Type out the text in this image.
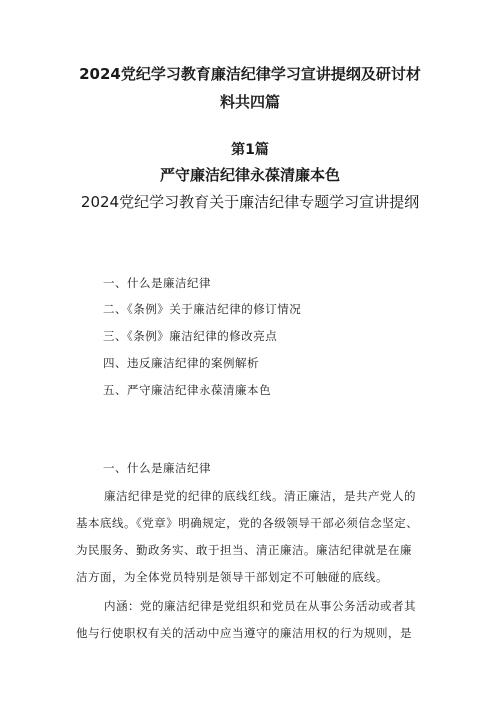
2024党纪学习教育廉洁纪律学习宣讲提纲及研讨材
料共四篇
第1篇
严守廉洁纪律永葆清廉本色
2024党纪学习教育关于廉洁纪律专题学习宣讲提纲
一、什么是廉洁纪律
二、《条例》关于廉洁纪律的修订情况
三、《条例》廉洁纪律的修改亮点
四、违反廉洁纪律的案例解析
五、严守廉洁纪律永葆清廉本色
一、什么是廉洁纪律
廉洁纪律是党的纪律的底线红线。清正廉洁，是共产党人的
基本底线。《党章》明确规定，党的各级领导干部必须信念坚定、
为民服务、勤政务实、敢于担当、清正廉洁。廉洁纪律就是在廉
洁方面，为全体党员特别是领导干部划定不可触碰的底线。
内涵：党的廉洁纪律是党组织和党员在从事公务活动或者其
他与行使职权有关的活动中应当遵守的廉洁用权的行为规则，是
